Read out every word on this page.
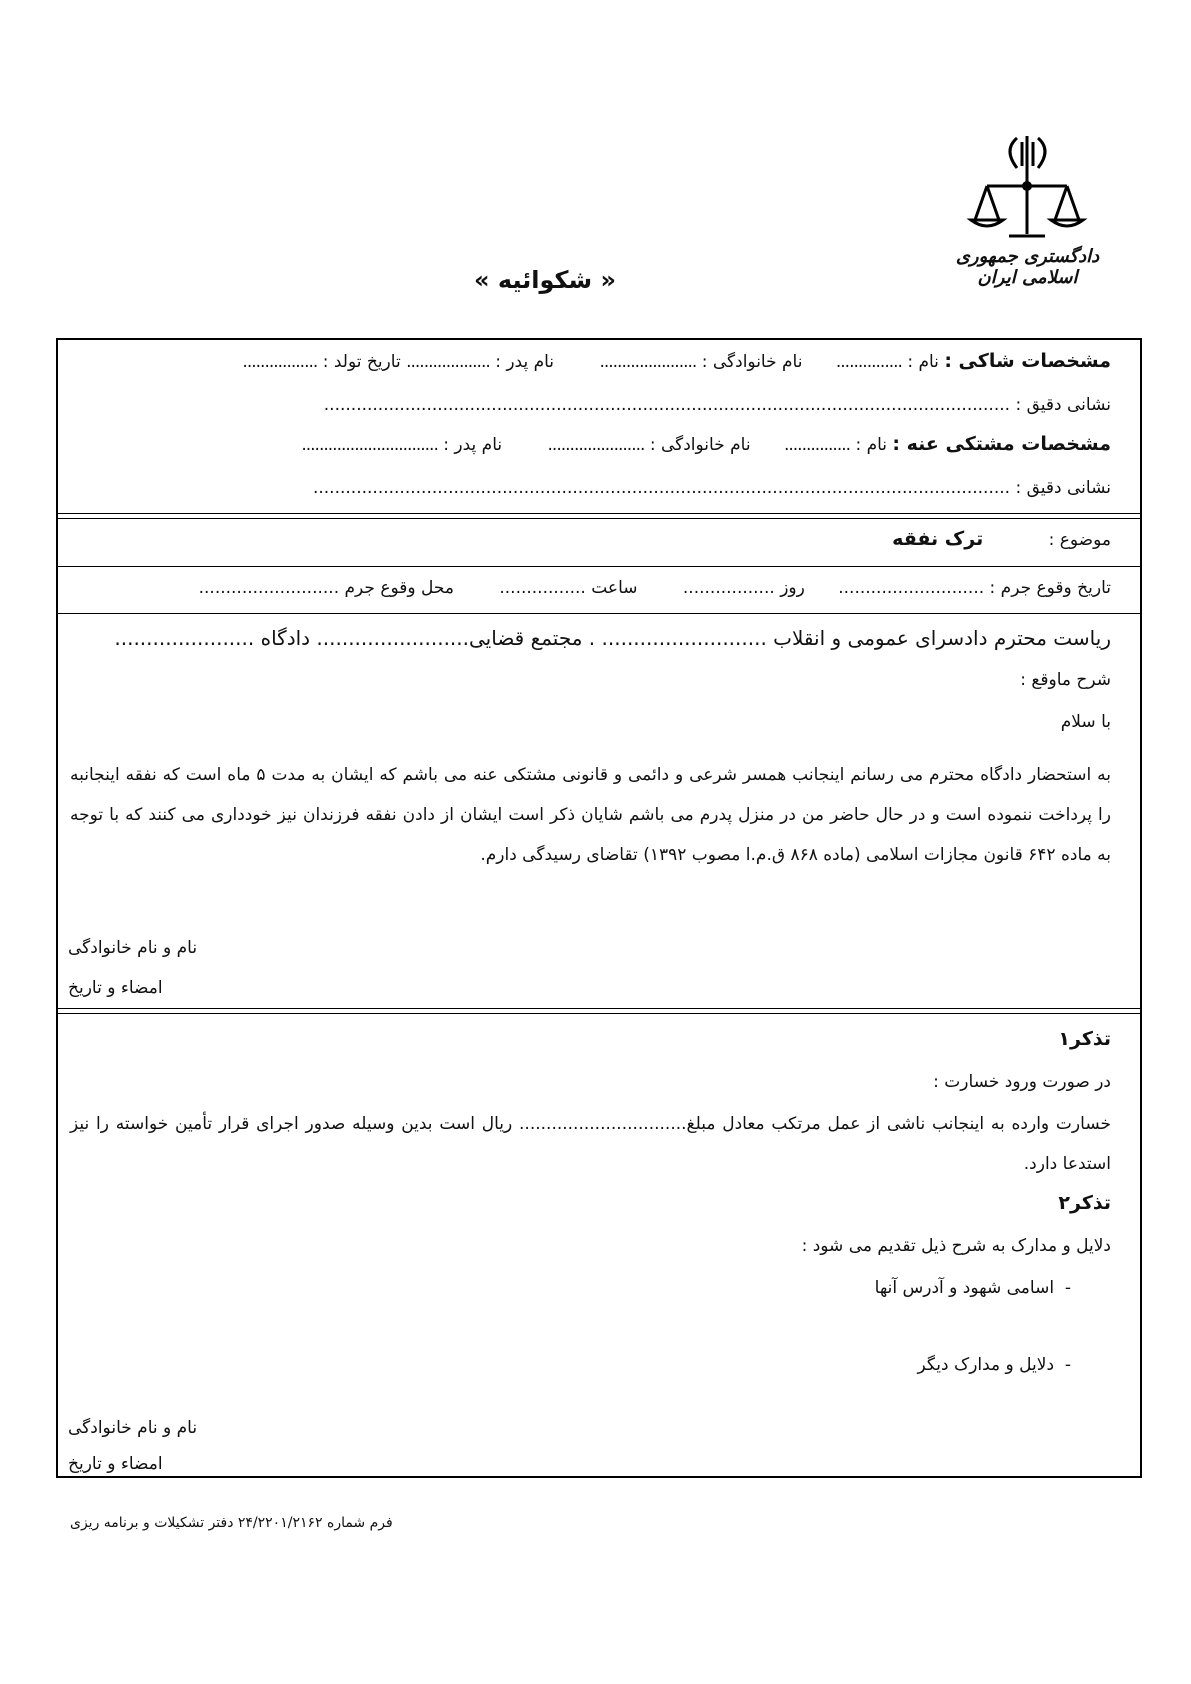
دادگستری جمهوری اسلامی ایران
« شکوائیه »
مشخصات شاکی : نام : ............... نام خانوادگی : ...................... نام پدر : ................... تاریخ تولد : .................
نشانی دقیق : ...............................................................................................................................
مشخصات مشتکی عنه : نام : ............... نام خانوادگی : ...................... نام پدر : ...............................
نشانی دقیق : .................................................................................................................................
موضوع : ترک نفقه
تاریخ وقوع جرم : ........................... روز ................. ساعت ................ محل وقوع جرم ..........................
ریاست محترم دادسرای عمومی و انقلاب .......................... . مجتمع قضایی........................ دادگاه ......................
شرح ماوقع :
با سلام
به استحضار دادگاه محترم می رسانم اینجانب همسر شرعی و دائمی و قانونی مشتکی عنه می باشم که ایشان به مدت ۵ ماه است که نفقه اینجانبه را پرداخت ننموده است و در حال حاضر من در منزل پدرم می باشم شایان ذکر است ایشان از دادن نفقه فرزندان نیز خودداری می کنند که با توجه به ماده ۶۴۲ قانون مجازات اسلامی (ماده ۸۶۸ ق.م.ا مصوب ۱۳۹۲) تقاضای رسیدگی دارم.
نام و نام خانوادگی
امضاء و تاریخ
تذکر۱
در صورت ورود خسارت :
خسارت وارده به اینجانب ناشی از عمل مرتکب معادل مبلغ............................... ریال است بدین وسیله صدور اجرای قرار تأمین خواسته را نیز استدعا دارد.
تذکر۲
دلایل و مدارک به شرح ذیل تقدیم می شود :
-  اسامی شهود و آدرس آنها
-  دلایل و مدارک دیگر
نام و نام خانوادگی
امضاء و تاریخ
فرم شماره ۲۴/۲۲۰۱/۲۱۶۲ دفتر تشکیلات و برنامه ریزی
